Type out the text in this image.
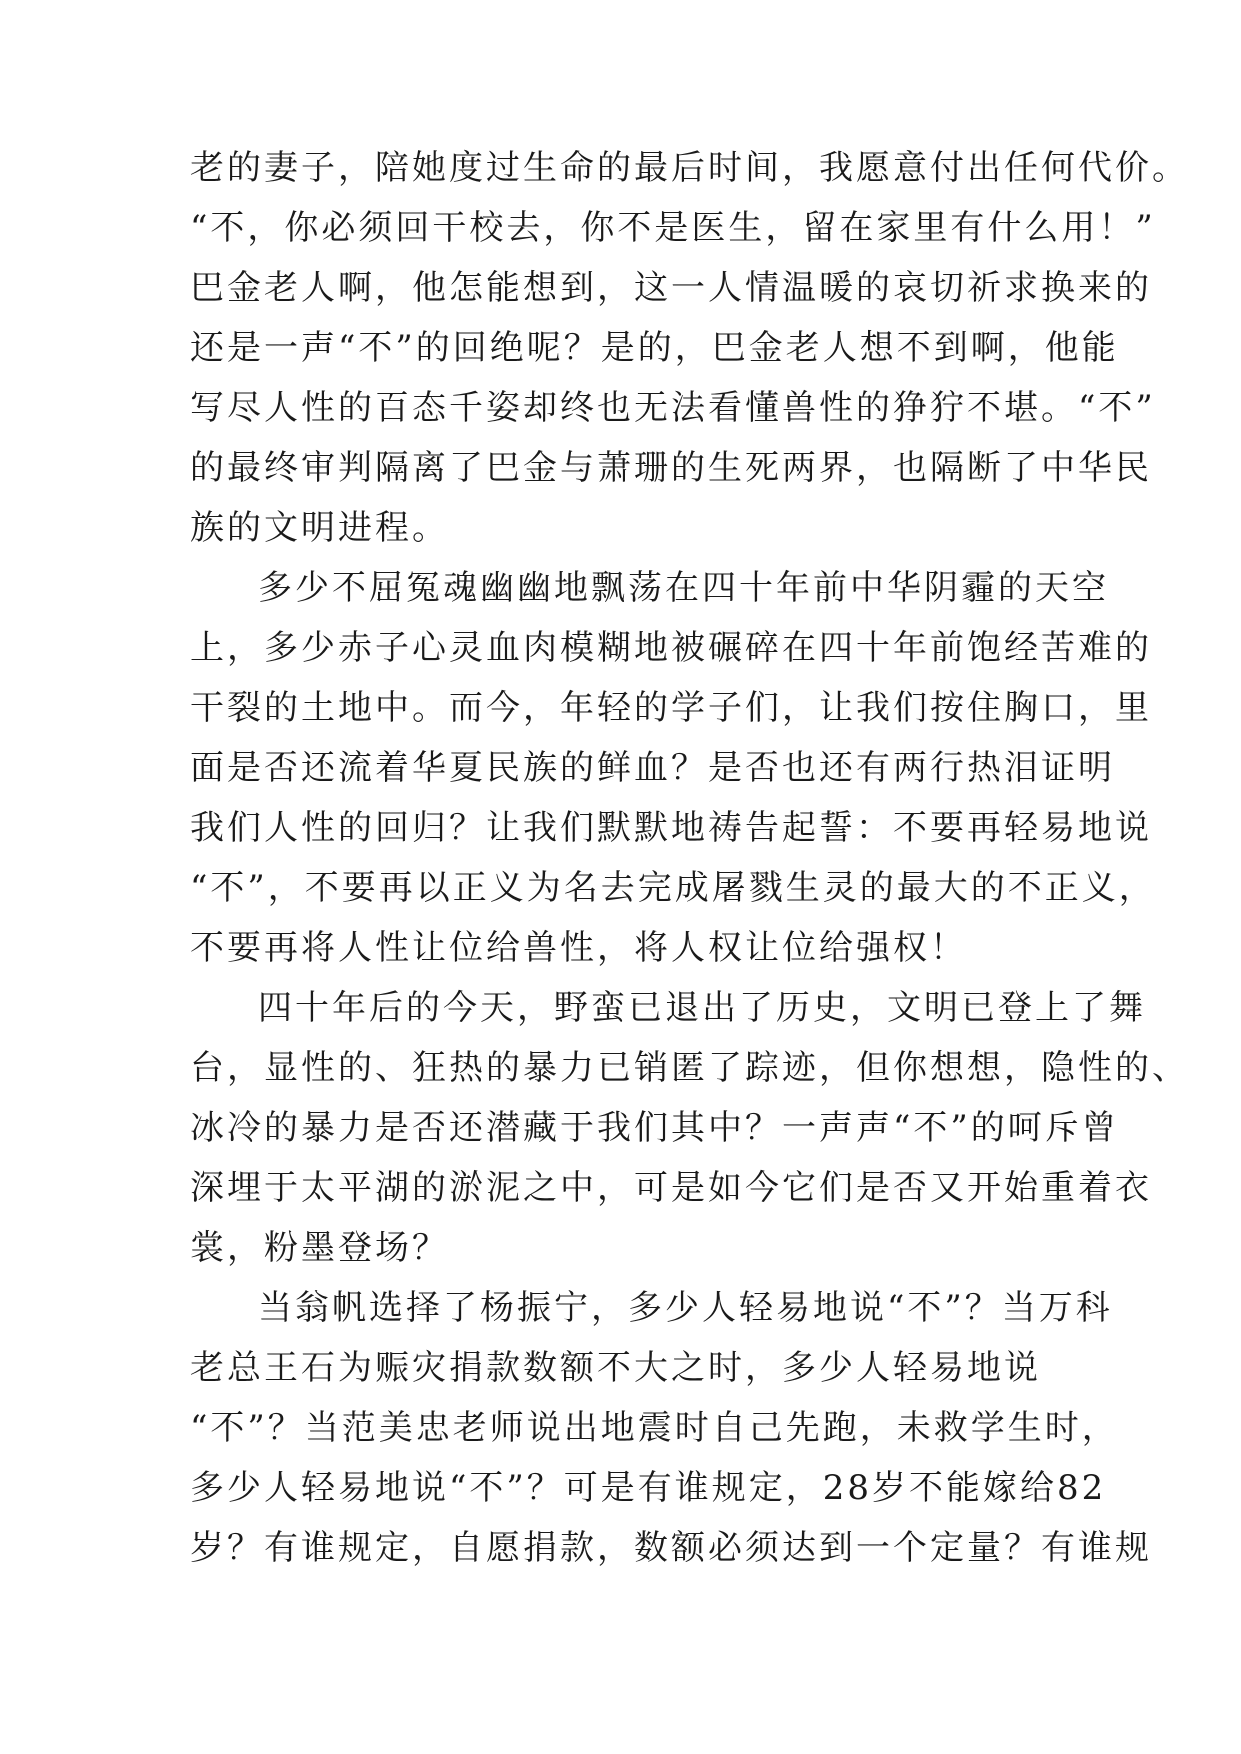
老的妻子，陪她度过生命的最后时间，我愿意付出任何代价。
“不，你必须回干校去，你不是医生，留在家里有什么用！”
巴金老人啊，他怎能想到，这一人情温暖的哀切祈求换来的
还是一声“不”的回绝呢？是的，巴金老人想不到啊，他能
写尽人性的百态千姿却终也无法看懂兽性的狰狞不堪。“不”
的最终审判隔离了巴金与萧珊的生死两界，也隔断了中华民
族的文明进程。
多少不屈冤魂幽幽地飘荡在四十年前中华阴霾的天空
上，多少赤子心灵血肉模糊地被碾碎在四十年前饱经苦难的
干裂的土地中。而今，年轻的学子们，让我们按住胸口，里
面是否还流着华夏民族的鲜血？是否也还有两行热泪证明
我们人性的回归？让我们默默地祷告起誓：不要再轻易地说
“不”，不要再以正义为名去完成屠戮生灵的最大的不正义，
不要再将人性让位给兽性，将人权让位给强权！
四十年后的今天，野蛮已退出了历史，文明已登上了舞
台，显性的、狂热的暴力已销匿了踪迹，但你想想，隐性的、
冰冷的暴力是否还潜藏于我们其中？一声声“不”的呵斥曾
深埋于太平湖的淤泥之中，可是如今它们是否又开始重着衣
裳，粉墨登场？
当翁帆选择了杨振宁，多少人轻易地说“不”？当万科
老总王石为赈灾捐款数额不大之时，多少人轻易地说
“不”？当范美忠老师说出地震时自己先跑，未救学生时，
多少人轻易地说“不”？可是有谁规定，28岁不能嫁给82
岁？有谁规定，自愿捐款，数额必须达到一个定量？有谁规
